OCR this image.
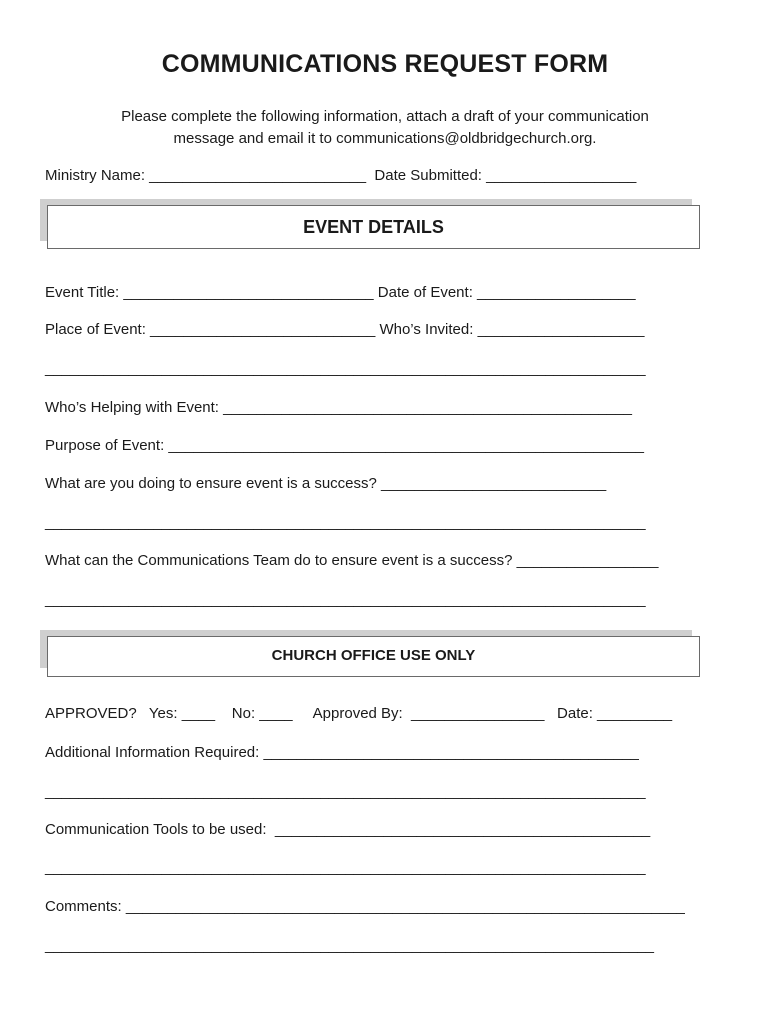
COMMUNICATIONS REQUEST FORM
Please complete the following information, attach a draft of your communication
message and email it to communications@oldbridgechurch.org.
Ministry Name: __________________________  Date Submitted: __________________
EVENT DETAILS
Event Title: ______________________________ Date of Event: ___________________
Place of Event: ___________________________ Who’s Invited: ____________________
________________________________________________________________________
Who’s Helping with Event: _________________________________________________
Purpose of Event: _________________________________________________________
What are you doing to ensure event is a success? ___________________________
________________________________________________________________________
What can the Communications Team do to ensure event is a success? _________________
________________________________________________________________________
CHURCH OFFICE USE ONLY
APPROVED?   Yes: ____    No: ____     Approved By:  ________________   Date: _________
Additional Information Required: _____________________________________________
________________________________________________________________________
Communication Tools to be used:  _____________________________________________
________________________________________________________________________
Comments: ___________________________________________________________________
_________________________________________________________________________
